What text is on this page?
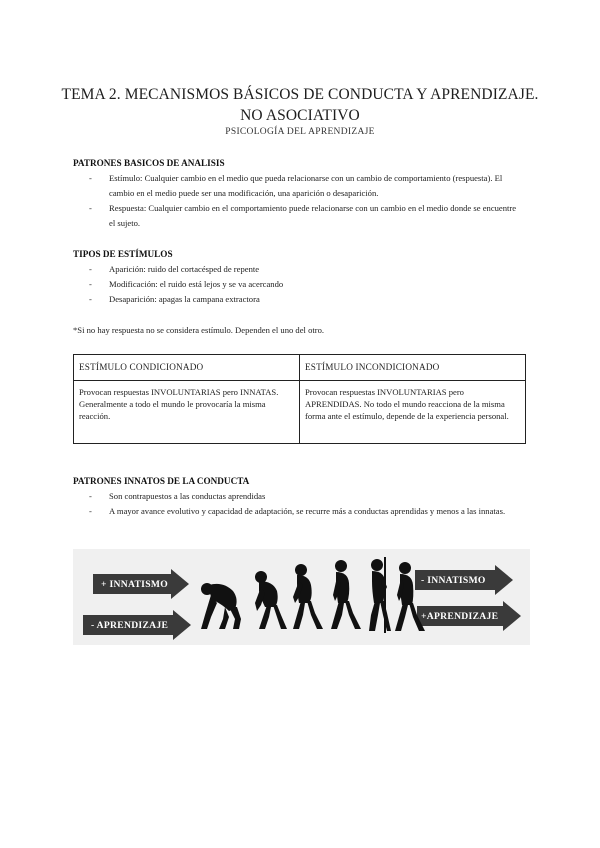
TEMA 2. MECANISMOS BÁSICOS DE CONDUCTA Y APRENDIZAJE. NO ASOCIATIVO
PSICOLOGÍA DEL APRENDIZAJE
PATRONES BASICOS DE ANALISIS
- Estímulo: Cualquier cambio en el medio que pueda relacionarse con un cambio de comportamiento (respuesta). El cambio en el medio puede ser una modificación, una aparición o desaparición.
- Respuesta: Cualquier cambio en el comportamiento puede relacionarse con un cambio en el medio donde se encuentre el sujeto.
TIPOS DE ESTÍMULOS
- Aparición: ruido del cortacésped de repente
- Modificación: el ruido está lejos y se va acercando
- Desaparición: apagas la campana extractora
*Si no hay respuesta no se considera estímulo. Dependen el uno del otro.
ESTÍMULO CONDICIONADO	ESTÍMULO INCONDICIONADO
Provocan respuestas INVOLUNTARIAS pero INNATAS. Generalmente a todo el mundo le provocaría la misma reacción.	Provocan respuestas INVOLUNTARIAS pero APRENDIDAS. No todo el mundo reacciona de la misma forma ante el estímulo, depende de la experiencia personal.
PATRONES INNATOS DE LA CONDUCTA
- Son contrapuestos a las conductas aprendidas
- A mayor avance evolutivo y capacidad de adaptación, se recurre más a conductas aprendidas y menos a las innatas.
+ INNATISMO
- APRENDIZAJE
- INNATISMO
+APRENDIZAJE
